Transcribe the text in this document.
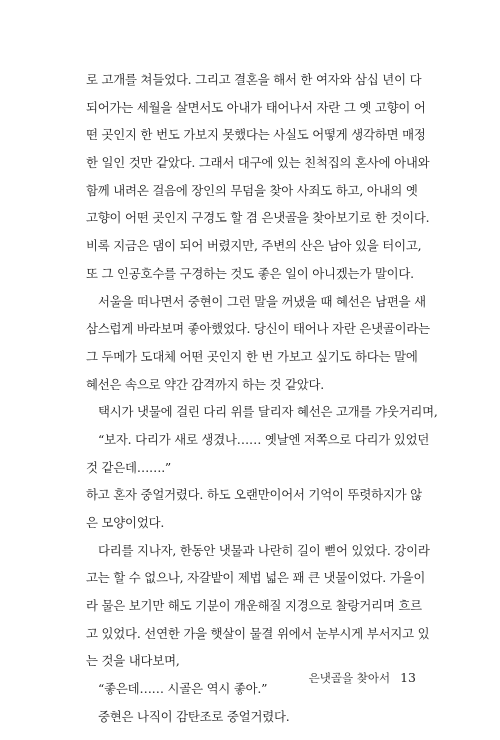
로 고개를 쳐들었다. 그리고 결혼을 해서 한 여자와 삼십 년이 다
되어가는 세월을 살면서도 아내가 태어나서 자란 그 옛 고향이 어
떤 곳인지 한 번도 가보지 못했다는 사실도 어떻게 생각하면 매정
한 일인 것만 같았다. 그래서 대구에 있는 친척집의 혼사에 아내와
함께 내려온 걸음에 장인의 무덤을 찾아 사죄도 하고, 아내의 옛
고향이 어떤 곳인지 구경도 할 겸 은냇골을 찾아보기로 한 것이다.
비록 지금은 댐이 되어 버렸지만, 주변의 산은 남아 있을 터이고,
또 그 인공호수를 구경하는 것도 좋은 일이 아니겠는가 말이다.
서울을 떠나면서 중현이 그런 말을 꺼냈을 때 혜선은 남편을 새
삼스럽게 바라보며 좋아했었다. 당신이 태어나 자란 은냇골이라는
그 두메가 도대체 어떤 곳인지 한 번 가보고 싶기도 하다는 말에
혜선은 속으로 약간 감격까지 하는 것 같았다.
택시가 냇물에 걸린 다리 위를 달리자 혜선은 고개를 갸웃거리며,
“보자. 다리가 새로 생겼나…… 옛날엔 저쪽으로 다리가 있었던
것 같은데…….”
하고 혼자 중얼거렸다. 하도 오랜만이어서 기억이 뚜렷하지가 않
은 모양이었다.
다리를 지나자, 한동안 냇물과 나란히 길이 뻗어 있었다. 강이라
고는 할 수 없으나, 자갈밭이 제법 넓은 꽤 큰 냇물이었다. 가을이
라 물은 보기만 해도 기분이 개운해질 지경으로 찰랑거리며 흐르
고 있었다. 선연한 가을 햇살이 물결 위에서 눈부시게 부서지고 있
는 것을 내다보며,
“좋은데…… 시골은 역시 좋아.”
중현은 나직이 감탄조로 중얼거렸다.
은냇골을 찾아서 13
